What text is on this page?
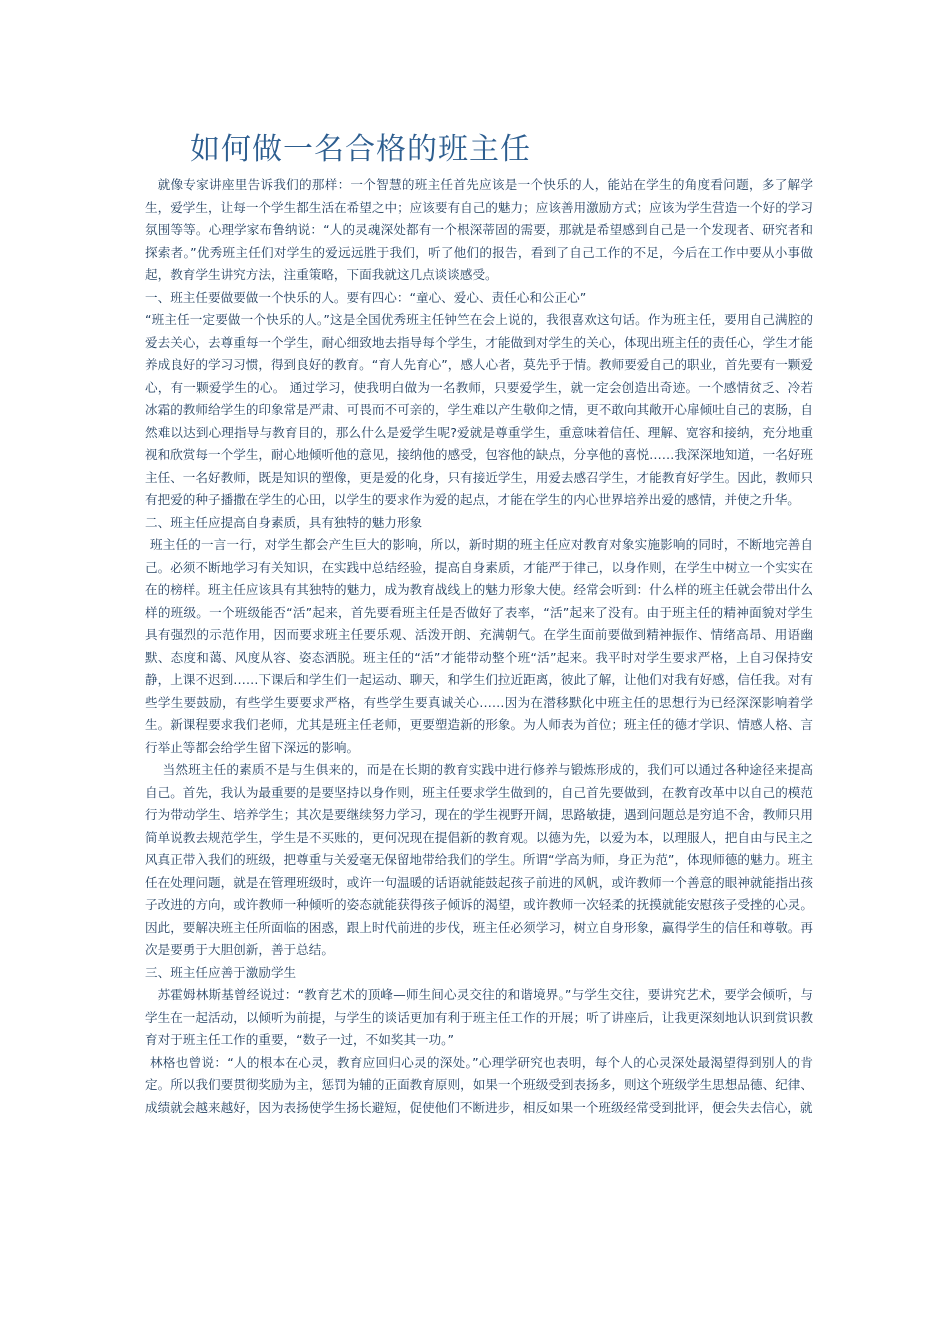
如何做一名合格的班主任

就像专家讲座里告诉我们的那样：一个智慧的班主任首先应该是一个快乐的人，能站在学生的角度看问题，多了解学生，爱学生，让每一个学生都生活在希望之中；应该要有自己的魅力；应该善用激励方式；应该为学生营造一个好的学习氛围等等。心理学家布鲁纳说：“人的灵魂深处都有一个根深蒂固的需要，那就是希望感到自己是一个发现者、研究者和探索者。”优秀班主任们对学生的爱远远胜于我们，听了他们的报告，看到了自己工作的不足，今后在工作中要从小事做起，教育学生讲究方法，注重策略，下面我就这几点谈谈感受。

一、班主任要做要做一个快乐的人。要有四心：“童心、爱心、责任心和公正心”

“班主任一定要做一个快乐的人。”这是全国优秀班主任钟竺在会上说的，我很喜欢这句话。作为班主任，要用自己满腔的爱去关心，去尊重每一个学生，耐心细致地去指导每个学生，才能做到对学生的关心，体现出班主任的责任心，学生才能养成良好的学习习惯，得到良好的教育。“育人先育心”，感人心者，莫先乎于情。教师要爱自己的职业，首先要有一颗爱心，有一颗爱学生的心。 通过学习，使我明白做为一名教师，只要爱学生，就一定会创造出奇迹。一个感情贫乏、冷若冰霜的教师给学生的印象常是严肃、可畏而不可亲的，学生难以产生敬仰之情，更不敢向其敞开心扉倾吐自己的衷肠，自然难以达到心理指导与教育目的，那么什么是爱学生呢?爱就是尊重学生，重意味着信任、理解、宽容和接纳，充分地重视和欣赏每一个学生，耐心地倾听他的意见，接纳他的感受，包容他的缺点，分享他的喜悦……我深深地知道，一名好班主任、一名好教师，既是知识的塑像，更是爱的化身，只有接近学生，用爱去感召学生，才能教育好学生。因此，教师只有把爱的种子播撒在学生的心田，以学生的要求作为爱的起点，才能在学生的内心世界培养出爱的感情，并使之升华。

二、班主任应提高自身素质，具有独特的魅力形象

班主任的一言一行，对学生都会产生巨大的影响，所以，新时期的班主任应对教育对象实施影响的同时，不断地完善自己。必须不断地学习有关知识，在实践中总结经验，提高自身素质，才能严于律己，以身作则，在学生中树立一个实实在在的榜样。班主任应该具有其独特的魅力，成为教育战线上的魅力形象大使。经常会听到：什么样的班主任就会带出什么样的班级。一个班级能否“活”起来，首先要看班主任是否做好了表率，“活”起来了没有。由于班主任的精神面貌对学生具有强烈的示范作用，因而要求班主任要乐观、活泼开朗、充满朝气。在学生面前要做到精神振作、情绪高昂、用语幽默、态度和蔼、风度从容、姿态洒脱。班主任的“活”才能带动整个班“活”起来。我平时对学生要求严格，上自习保持安静，上课不迟到……下课后和学生们一起运动、聊天，和学生们拉近距离，彼此了解，让他们对我有好感，信任我。对有些学生要鼓励，有些学生要要求严格，有些学生要真诚关心……因为在潜移默化中班主任的思想行为已经深深影响着学生。新课程要求我们老师，尤其是班主任老师，更要塑造新的形象。为人师表为首位；班主任的德才学识、情感人格、言行举止等都会给学生留下深远的影响。

当然班主任的素质不是与生俱来的，而是在长期的教育实践中进行修养与锻炼形成的，我们可以通过各种途径来提高自己。首先，我认为最重要的是要坚持以身作则，班主任要求学生做到的，自己首先要做到，在教育改革中以自己的模范行为带动学生、培养学生；其次是要继续努力学习，现在的学生视野开阔，思路敏捷，遇到问题总是穷追不舍，教师只用简单说教去规范学生，学生是不买账的，更何况现在提倡新的教育观。以德为先，以爱为本，以理服人，把自由与民主之风真正带入我们的班级，把尊重与关爱毫无保留地带给我们的学生。所谓“学高为师，身正为范”，体现师德的魅力。班主任在处理问题，就是在管理班级时，或许一句温暖的话语就能鼓起孩子前进的风帆，或许教师一个善意的眼神就能指出孩子改进的方向，或许教师一种倾听的姿态就能获得孩子倾诉的渴望，或许教师一次轻柔的抚摸就能安慰孩子受挫的心灵。因此，要解决班主任所面临的困惑，跟上时代前进的步伐，班主任必须学习，树立自身形象，赢得学生的信任和尊敬。再次是要勇于大胆创新，善于总结。

三、班主任应善于激励学生

苏霍姆林斯基曾经说过：“教育艺术的顶峰—师生间心灵交往的和谐境界。”与学生交往，要讲究艺术，要学会倾听，与学生在一起活动，以倾听为前提，与学生的谈话更加有利于班主任工作的开展；听了讲座后，让我更深刻地认识到赏识教育对于班主任工作的重要，“数子一过，不如奖其一功。”

林格也曾说：“人的根本在心灵，教育应回归心灵的深处。”心理学研究也表明，每个人的心灵深处最渴望得到别人的肯定。所以我们要贯彻奖励为主，惩罚为辅的正面教育原则，如果一个班级受到表扬多，则这个班级学生思想品德、纪律、成绩就会越来越好，因为表扬使学生扬长避短，促使他们不断进步，相反如果一个班级经常受到批评，便会失去信心，就
